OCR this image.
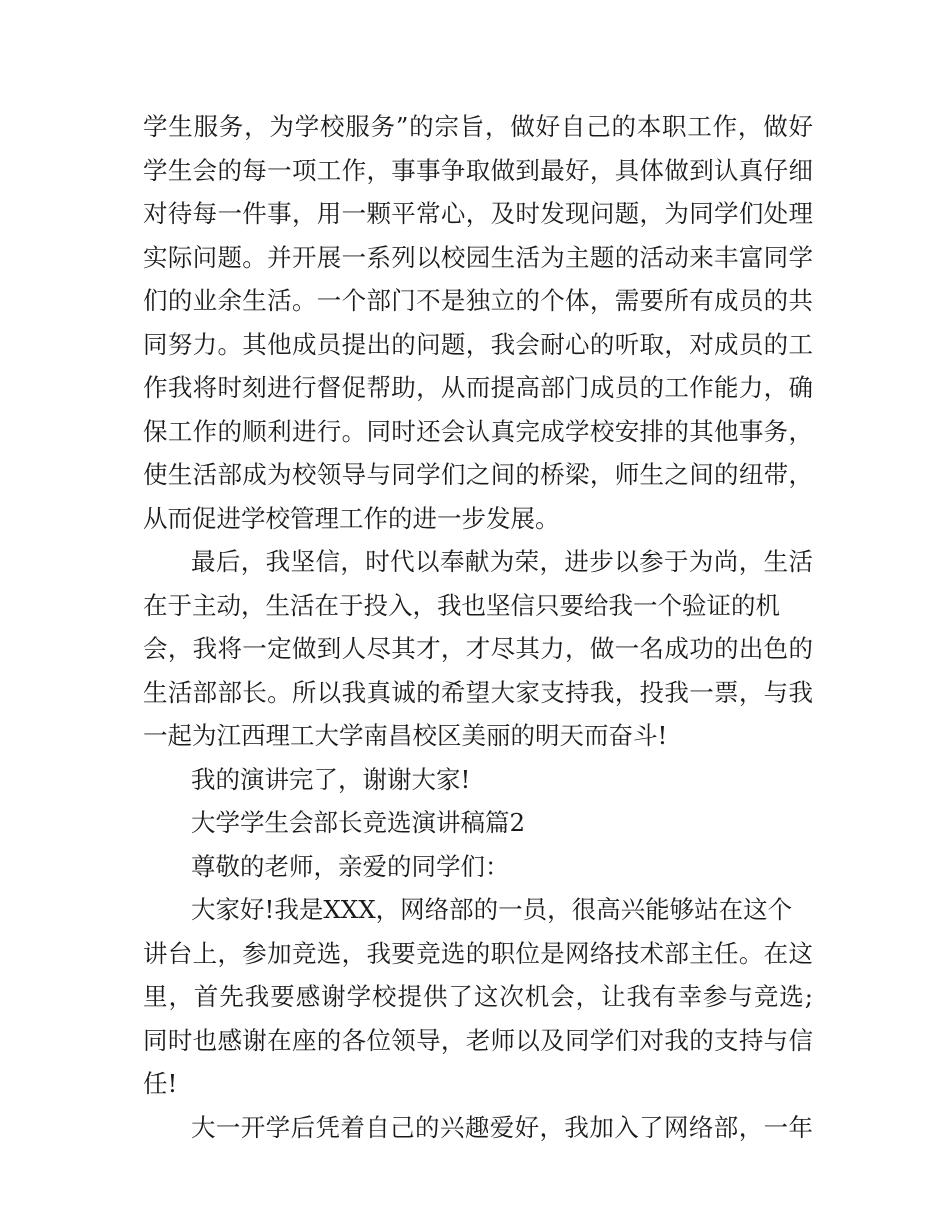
学生服务，为学校服务”的宗旨，做好自己的本职工作，做好
学生会的每一项工作，事事争取做到最好，具体做到认真仔细
对待每一件事，用一颗平常心，及时发现问题，为同学们处理
实际问题。并开展一系列以校园生活为主题的活动来丰富同学
们的业余生活。一个部门不是独立的个体，需要所有成员的共
同努力。其他成员提出的问题，我会耐心的听取，对成员的工
作我将时刻进行督促帮助，从而提高部门成员的工作能力，确
保工作的顺利进行。同时还会认真完成学校安排的其他事务，
使生活部成为校领导与同学们之间的桥梁，师生之间的纽带，
从而促进学校管理工作的进一步发展。
最后，我坚信，时代以奉献为荣，进步以参于为尚，生活
在于主动，生活在于投入，我也坚信只要给我一个验证的机
会，我将一定做到人尽其才，才尽其力，做一名成功的出色的
生活部部长。所以我真诚的希望大家支持我，投我一票，与我
一起为江西理工大学南昌校区美丽的明天而奋斗!
我的演讲完了，谢谢大家!
大学学生会部长竞选演讲稿篇2
尊敬的老师，亲爱的同学们：
大家好!我是XXX，网络部的一员，很高兴能够站在这个
讲台上，参加竞选，我要竞选的职位是网络技术部主任。在这
里，首先我要感谢学校提供了这次机会，让我有幸参与竞选;
同时也感谢在座的各位领导，老师以及同学们对我的支持与信
任!
大一开学后凭着自己的兴趣爱好，我加入了网络部，一年
